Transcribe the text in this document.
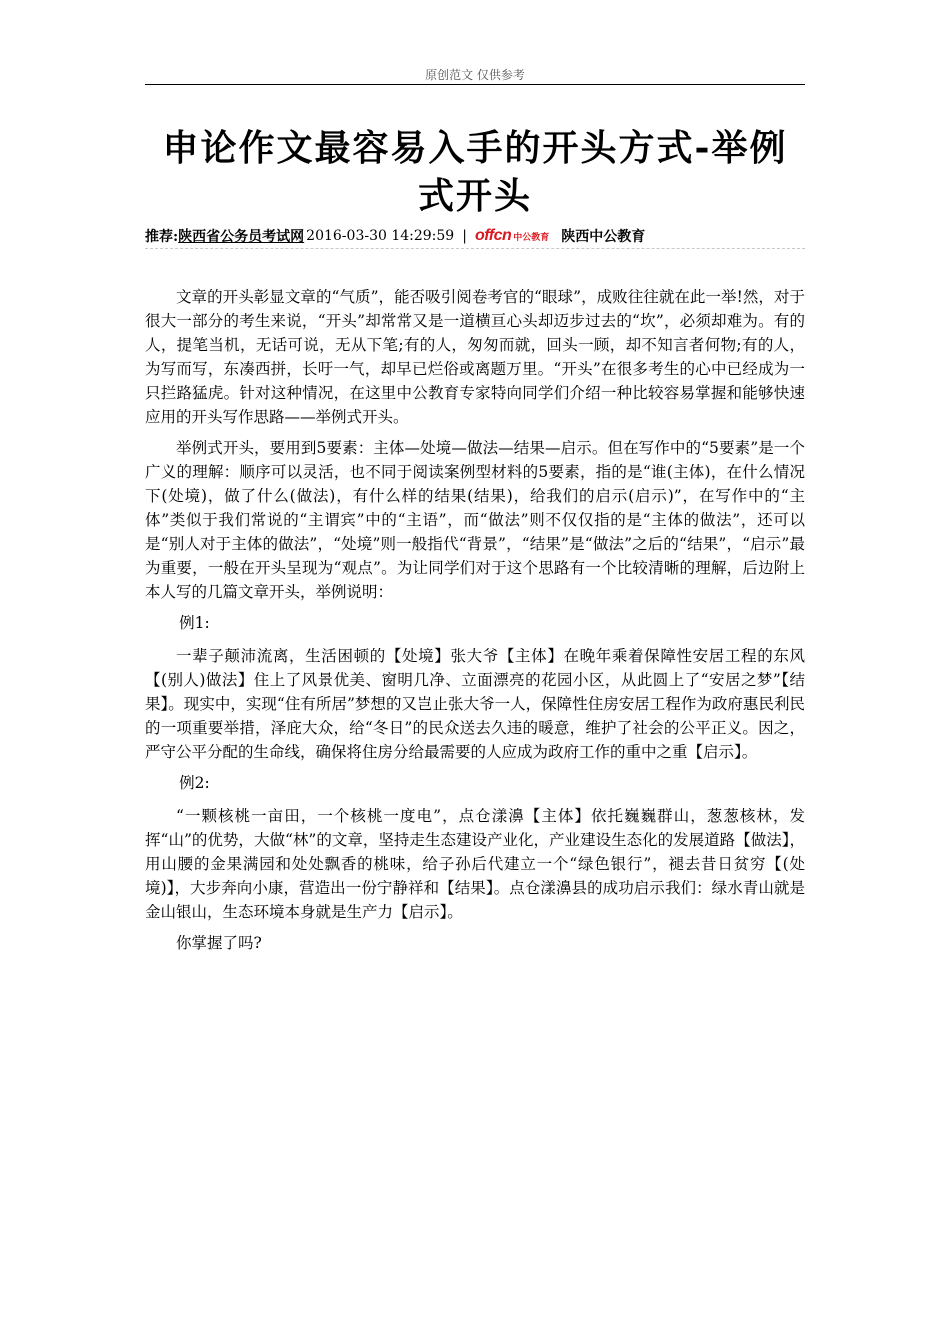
原创范文 仅供参考
申论作文最容易入手的开头方式-举例式开头
推荐: 陕西省公务员考试网 2016-03-30 14:29:59 | offcn 中公教育 陕西中公教育

文章的开头彰显文章的“气质”，能否吸引阅卷考官的“眼球”，成败往往就在此一举!然，对于很大一部分的考生来说，“开头”却常常又是一道横亘心头却迈步过去的“坎”，必须却难为。有的人，提笔当机，无话可说，无从下笔;有的人，匆匆而就，回头一顾，却不知言者何物;有的人，为写而写，东凑西拼，长吁一气，却早已烂俗或离题万里。“开头”在很多考生的心中已经成为一只拦路猛虎。针对这种情况，在这里中公教育专家特向同学们介绍一种比较容易掌握和能够快速应用的开头写作思路——举例式开头。

举例式开头，要用到5要素：主体—处境—做法—结果—启示。但在写作中的“5要素”是一个广义的理解：顺序可以灵活，也不同于阅读案例型材料的5要素，指的是“谁(主体)，在什么情况下(处境)，做了什么(做法)，有什么样的结果(结果)，给我们的启示(启示)”，在写作中的“主体”类似于我们常说的“主谓宾”中的“主语”，而“做法”则不仅仅指的是“主体的做法”，还可以是“别人对于主体的做法”，“处境”则一般指代“背景”，“结果”是“做法”之后的“结果”，“启示”最为重要，一般在开头呈现为“观点”。为让同学们对于这个思路有一个比较清晰的理解，后边附上本人写的几篇文章开头，举例说明：

例1:

一辈子颠沛流离，生活困顿的【处境】张大爷【主体】在晚年乘着保障性安居工程的东风【(别人)做法】住上了风景优美、窗明几净、立面漂亮的花园小区，从此圆上了“安居之梦”【结果】。现实中，实现“住有所居”梦想的又岂止张大爷一人，保障性住房安居工程作为政府惠民利民的一项重要举措，泽庇大众，给“冬日”的民众送去久违的暖意，维护了社会的公平正义。因之，严守公平分配的生命线，确保将住房分给最需要的人应成为政府工作的重中之重【启示】。

例2:

“一颗核桃一亩田，一个核桃一度电”，点仓漾濞【主体】依托巍巍群山，葱葱核林，发挥“山”的优势，大做“林”的文章，坚持走生态建设产业化，产业建设生态化的发展道路【做法】，用山腰的金果满园和处处飘香的桃味，给子孙后代建立一个“绿色银行”，褪去昔日贫穷【(处境)】，大步奔向小康，营造出一份宁静祥和【结果】。点仓漾濞县的成功启示我们：绿水青山就是金山银山，生态环境本身就是生产力【启示】。

你掌握了吗?
